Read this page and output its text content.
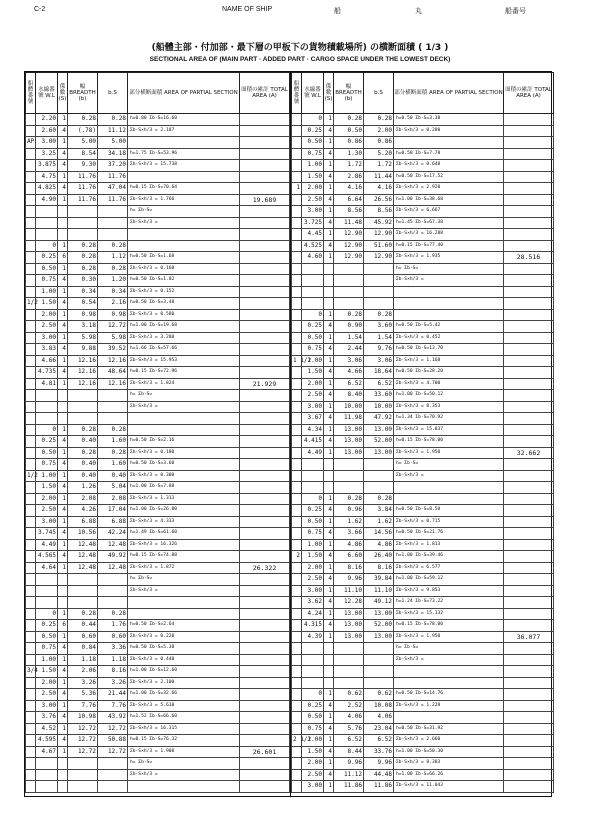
C-2	NAME OF SHIP	船	丸	船番号
(船體主部・付加部・最下層の甲板下の貨物積載場所) の横断面積 ( 1/3 )
SECTIONAL AREA OF (MAIN PART · ADDED PART · CARGO SPACE UNDER THE LOWEST DECK)
船體番號	水線番號 W.L	係數 (S)	幅 BREADTH (b)	b.S	部分横断面積 AREA OF PARTIAL SECTION	面積の累計 TOTAL AREA (A)
	2.20	1	0.28	0.28	h=0.80 Σb·S=16.60	
	2.60	4	(.78)	11.12	Σb·S×h/3 = 2.187	
AP	3.00	1	5.00	5.00		
	3.25	4	8.54	34.18	h=1.75 Σb·S=53.96	
	3.875	4	9.30	37.20	Σb·S×h/3 = 15.738	
	4.75	1	11.76	11.76		
	4.825	4	11.76	47.04	h=0.15 Σb·S=70.64	
	4.90	1	11.76	11.76	Σb·S×h/3 = 1.766	19.689
					h= Σb·S=	
					Σb·S×h/3 =	

	0	1	0.28	0.28		
	0.25	6	0.28	1.12	h=0.50 Σb·S=1.68	
	0.50	1	0.28	0.28	Σb·S×h/3 = 0.160	
	0.75	4	0.30	1.20	h=0.50 Σb·S=1.82	
	1.00	1	0.34	0.34	Σb·S×h/3 = 0.152	
1/2	1.50	4	0.54	2.16	h=0.50 Σb·S=3.48	
	2.00	1	0.98	0.98	Σb·S×h/3 = 0.580	
	2.50	4	3.18	12.72	h=1.00 Σb·S=19.68	
	3.00	1	5.98	5.98	Σb·S×h/3 = 3.280	
	3.83	4	9.88	39.52	h=1.66 Σb·S=57.66	
	4.66	1	12.16	12.16	Σb·S×h/3 = 15.953	
	4.735	4	12.16	48.64	h=0.15 Σb·S=72.96	
	4.81	1	12.16	12.16	Σb·S×h/3 = 1.824	21.929
					h= Σb·S=	
					Σb·S×h/3 =	

	0	1	0.28	0.28		
	0.25	4	0.40	1.60	h=0.50 Σb·S=2.16	
	0.50	1	0.28	0.28	Σb·S×h/3 = 0.180	
	0.75	4	0.40	1.60	h=0.50 Σb·S=3.60	
1/2	1.00	1	0.40	0.40	Σb·S×h/3 = 0.300	
	1.50	4	1.26	5.04	h=1.00 Σb·S=7.88	
	2.00	1	2.08	2.08	Σb·S×h/3 = 1.313	
	2.50	4	4.26	17.04	h=1.00 Σb·S=26.00	
	3.00	1	6.88	6.88	Σb·S×h/3 = 4.333	
	3.745	4	10.56	42.24	h=1.49 Σb·S=61.60	
	4.49	1	12.48	12.48	Σb·S×h/3 = 16.326	
	4.565	4	12.48	49.92	h=0.15 Σb·S=74.88	
	4.64	1	12.48	12.48	Σb·S×h/3 = 1.872	26.322
					h= Σb·S=	
					Σb·S×h/3 =	

	0	1	0.28	0.28		
	0.25	6	0.44	1.76	h=0.50 Σb·S=2.64	
	0.50	1	0.60	0.60	Σb·S×h/3 = 0.220	
	0.75	4	0.84	3.36	h=0.50 Σb·S=5.38	
	1.00	1	1.18	1.18	Σb·S×h/3 = 0.448	
3/4	1.50	4	2.06	8.16	h=1.00 Σb·S=12.60	
	2.00	1	3.26	3.26	Σb·S×h/3 = 2.100	
	2.50	4	5.36	21.44	h=1.00 Σb·S=32.66	
	3.00	1	7.76	7.76	Σb·S×h/3 = 5.610	
	3.76	4	10.98	43.92	h=1.52 Σb·S=66.60	
	4.52	1	12.72	12.72	Σb·S×h/3 = 16.315	
	4.595	4	12.72	50.88	h=0.15 Σb·S=76.32	
	4.67	1	12.72	12.72	Σb·S×h/3 = 1.908	26.601
					h= Σb·S=	
					Σb·S×h/3 =	

船體番號	水線番號 W.L	係數 (S)	幅 BREADTH (b)	b.S	部分横断面積 AREA OF PARTIAL SECTION	面積の累計 TOTAL AREA (A)
	0	1	0.28	0.28	h=0.50 Σb·S=3.38	
	0.25	4	0.50	2.00	Σb·S×h/3 = 0.280	
	0.50	1	0.86	0.86		
	0.75	4	1.30	5.20	h=0.50 Σb·S=7.78	
	1.00	1	1.72	1.72	Σb·S×h/3 = 0.648	
	1.50	4	2.86	11.44	h=0.50 Σb·S=17.52	
1	2.00	1	4.16	4.16	Σb·S×h/3 = 2.920	
	2.50	4	6.64	26.56	h=1.00 Σb·S=38.68	
	3.00	1	8.56	8.56	Σb·S×h/3 = 6.667	
	3.725	4	11.48	45.92	h=1.45 Σb·S=67.38	
	4.45	1	12.90	12.90	Σb·S×h/3 = 16.288	
	4.525	4	12.90	51.60	h=0.15 Σb·S=77.40	
	4.60	1	12.90	12.90	Σb·S×h/3 = 1.935	28.516
					h= Σb·S=	
					Σb·S×h/3 =	

	0	1	0.28	0.28		
	0.25	4	0.90	3.60	h=0.50 Σb·S=5.42	
	0.50	1	1.54	1.54	Σb·S×h/3 = 0.452	
	0.75	4	2.44	9.76	h=0.50 Σb·S=13.70	
1 1/2	1.00	1	3.06	3.06	Σb·S×h/3 = 1.168	
	1.50	4	4.66	18.64	h=0.50 Σb·S=28.20	
	2.00	1	6.52	6.52	Σb·S×h/3 = 4.700	
	2.50	4	8.40	33.60	h=1.00 Σb·S=50.12	
	3.00	1	10.00	10.00	Σb·S×h/3 = 8.353	
	3.67	4	11.98	47.92	h=1.34 Σb·S=70.92	
	4.34	1	13.00	13.00	Σb·S×h/3 = 15.837	
	4.415	4	13.00	52.00	h=0.15 Σb·S=78.00	
	4.49	1	13.00	13.00	Σb·S×h/3 = 1.950	32.662
					h= Σb·S=	
					Σb·S×h/3 =	

	0	1	0.28	0.28		
	0.25	4	0.96	3.84	h=0.50 Σb·S=8.58	
	0.50	1	1.62	1.62	Σb·S×h/3 = 0.715	
	0.75	4	3.66	14.56	h=0.50 Σb·S=21.76	
	1.00	1	4.86	4.86	Σb·S×h/3 = 1.813	
2	1.50	4	6.60	26.40	h=1.00 Σb·S=39.46	
	2.00	1	8.16	8.16	Σb·S×h/3 = 6.577	
	2.50	4	9.96	39.84	h=1.00 Σb·S=59.12	
	3.00	1	11.10	11.10	Σb·S×h/3 = 9.853	
	3.62	4	12.28	49.12	h=1.24 Σb·S=73.22	
	4.24	1	13.00	13.00	Σb·S×h/3 = 15.132	
	4.315	4	13.00	52.00	h=0.15 Σb·S=78.00	
	4.39	1	13.00	13.00	Σb·S×h/3 = 1.950	36.077
					h= Σb·S=	
					Σb·S×h/3 =	

	0	1	0.62	0.62	h=0.50 Σb·S=14.76	
	0.25	4	2.52	10.08	Σb·S×h/3 = 1.228	
	0.50	1	4.06	4.06		
	0.75	4	5.76	23.04	h=0.50 Σb·S=31.92	
2 1/2	1.00	1	6.52	6.52	Σb·S×h/3 = 2.660	
	1.50	4	8.44	33.76	h=1.00 Σb·S=50.30	
	2.00	1	9.96	9.96	Σb·S×h/3 = 8.383	
	2.50	4	11.12	44.48	h=1.00 Σb·S=66.26	
	3.00	1	11.86	11.86	Σb·S×h/3 = 11.043	
